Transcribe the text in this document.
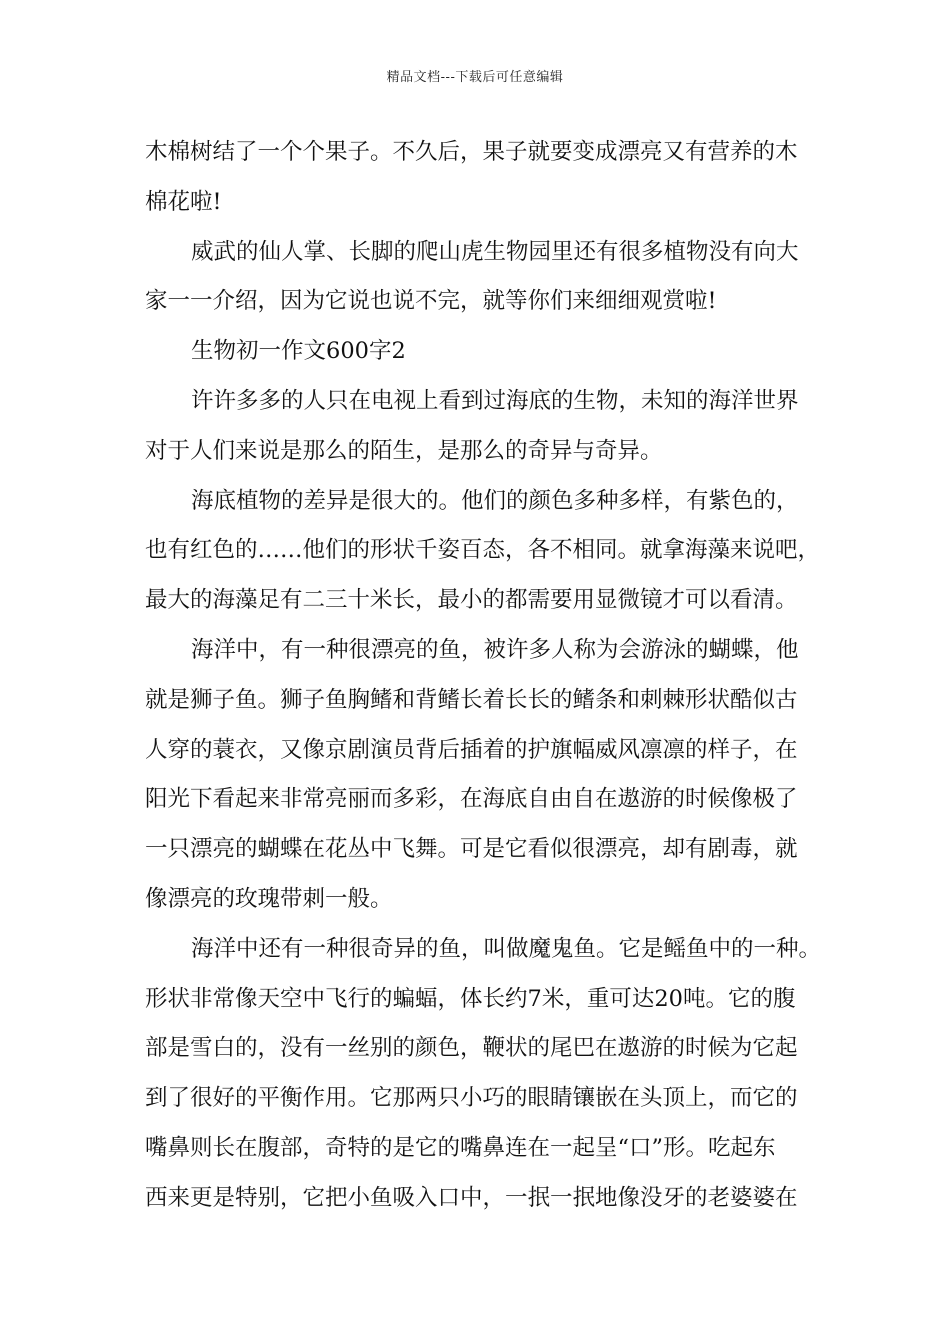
精品文档---下载后可任意编辑
木棉树结了一个个果子。不久后，果子就要变成漂亮又有营养的木
棉花啦!
威武的仙人掌、长脚的爬山虎生物园里还有很多植物没有向大
家一一介绍，因为它说也说不完，就等你们来细细观赏啦!
生物初一作文600字2
许许多多的人只在电视上看到过海底的生物，未知的海洋世界
对于人们来说是那么的陌生，是那么的奇异与奇异。
海底植物的差异是很大的。他们的颜色多种多样，有紫色的，
也有红色的……他们的形状千姿百态，各不相同。就拿海藻来说吧，
最大的海藻足有二三十米长，最小的都需要用显微镜才可以看清。
海洋中，有一种很漂亮的鱼，被许多人称为会游泳的蝴蝶，他
就是狮子鱼。狮子鱼胸鳍和背鳍长着长长的鳍条和刺棘形状酷似古
人穿的蓑衣，又像京剧演员背后插着的护旗幅威风凛凛的样子，在
阳光下看起来非常亮丽而多彩，在海底自由自在遨游的时候像极了
一只漂亮的蝴蝶在花丛中飞舞。可是它看似很漂亮，却有剧毒，就
像漂亮的玫瑰带刺一般。
海洋中还有一种很奇异的鱼，叫做魔鬼鱼。它是鳐鱼中的一种。
形状非常像天空中飞行的蝙蝠，体长约7米，重可达20吨。它的腹
部是雪白的，没有一丝别的颜色，鞭状的尾巴在遨游的时候为它起
到了很好的平衡作用。它那两只小巧的眼睛镶嵌在头顶上，而它的
嘴鼻则长在腹部，奇特的是它的嘴鼻连在一起呈“口”形。吃起东
西来更是特别，它把小鱼吸入口中，一抿一抿地像没牙的老婆婆在
